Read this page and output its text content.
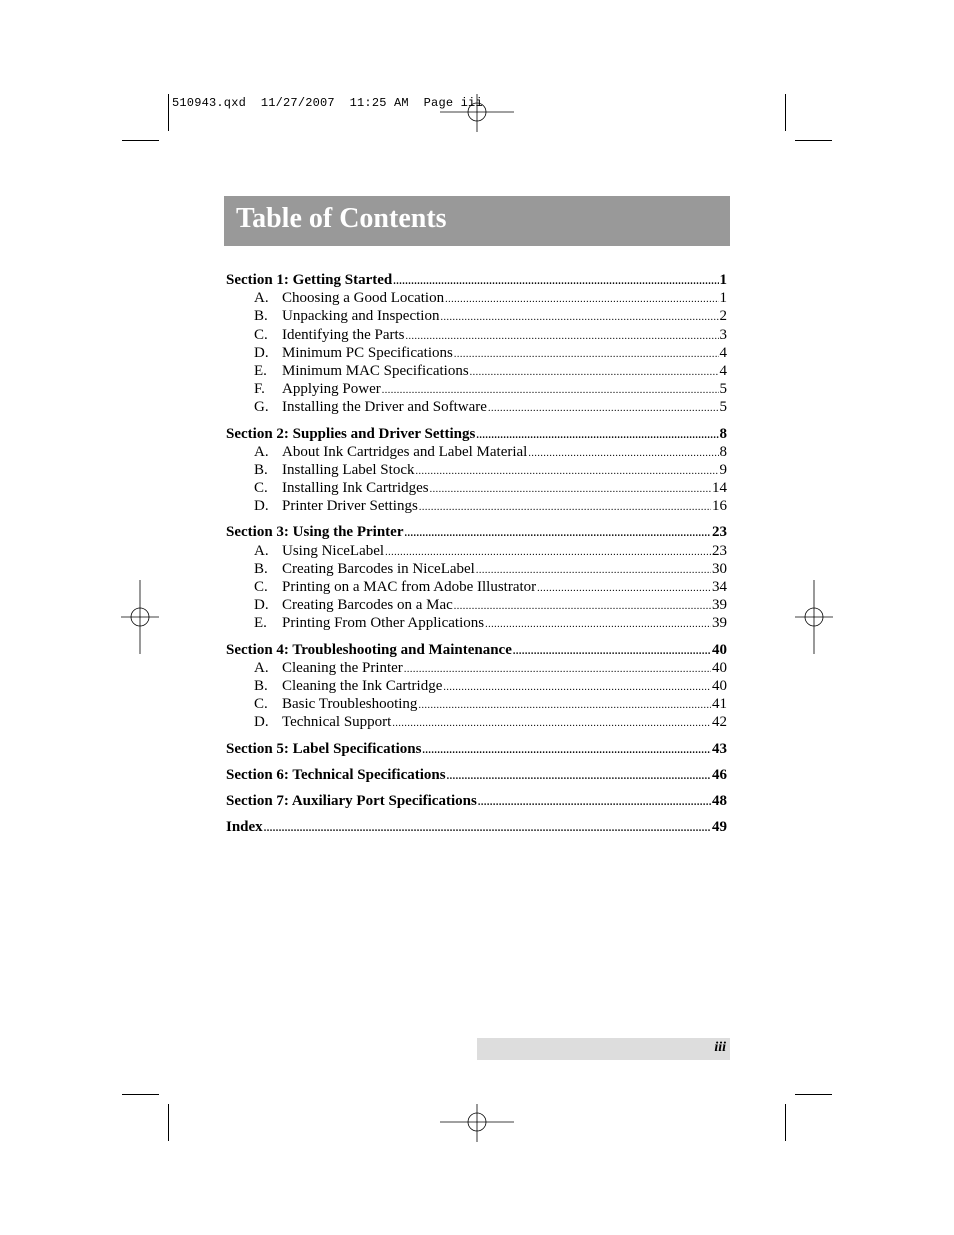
510943.qxd  11/27/2007  11:25 AM  Page iii
Table of Contents
Section 1: Getting Started .....	1
A. Choosing a Good Location .....	1
B. Unpacking and Inspection .....	2
C. Identifying the Parts .....	3
D. Minimum PC Specifications .....	4
E.	Minimum MAC Specifications .....	4
F.	Applying Power .....	5
G. Installing the Driver and Software .....	5
Section 2: Supplies and Driver Settings .....	8
A. About Ink Cartridges and Label Material .....	8
B. Installing Label Stock .....	9
C. Installing Ink Cartridges .....	14
D. Printer Driver Settings .....	16
Section 3: Using the Printer .....	23
A. Using NiceLabel .....	23
B. Creating Barcodes in NiceLabel .....	30
C. Printing on a MAC from Adobe Illustrator .....	34
D. Creating Barcodes on a Mac .....	39
E.	Printing From Other Applications .....	39
Section 4: Troubleshooting and Maintenance .....	40
A. Cleaning the Printer .....	40
B. Cleaning the Ink Cartridge .....	40
C. Basic Troubleshooting .....	41
D. Technical Support .....	42
Section 5: Label Specifications .....	43
Section 6: Technical Specifications .....	46
Section 7: Auxiliary Port Specifications .....	48
Index .....	49
iii
